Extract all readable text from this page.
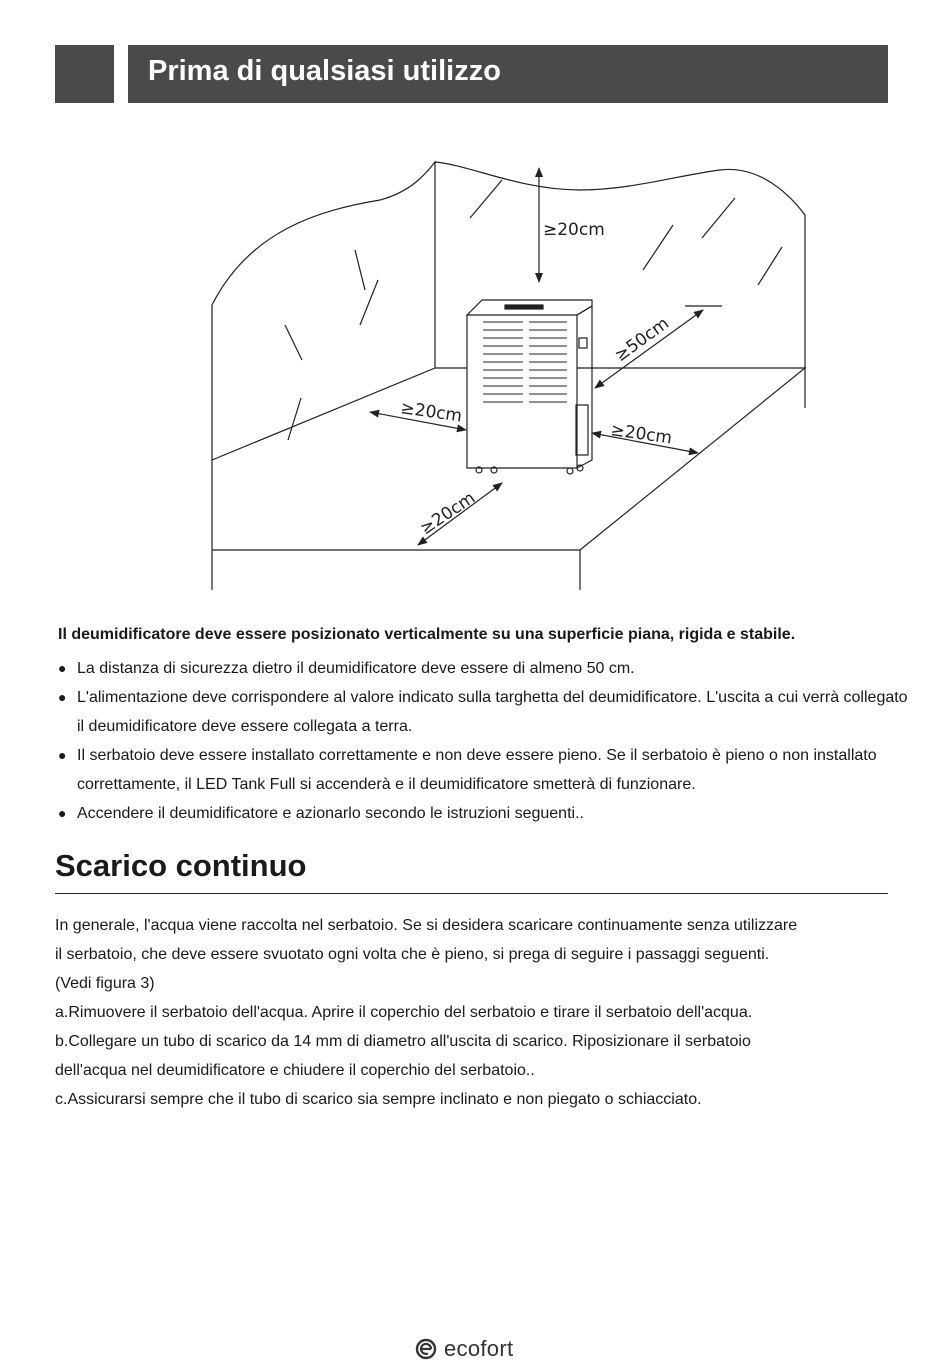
Prima di qualsiasi utilizzo
≥20cm
≥50cm
≥20cm
≥20cm
≥20cm
Il deumidificatore deve essere posizionato verticalmente su una superficie piana, rigida e stabile.
● La distanza di sicurezza dietro il deumidificatore deve essere di almeno 50 cm.
● L'alimentazione deve corrispondere al valore indicato sulla targhetta del deumidificatore. L'uscita a cui verrà collegato il deumidificatore deve essere collegata a terra.
● Il serbatoio deve essere installato correttamente e non deve essere pieno. Se il serbatoio è pieno o non installato correttamente, il LED Tank Full si accenderà e il deumidificatore smetterà di funzionare.
● Accendere il deumidificatore e azionarlo secondo le istruzioni seguenti..
Scarico continuo

In generale, l'acqua viene raccolta nel serbatoio. Se si desidera scaricare continuamente senza utilizzare

il serbatoio, che deve essere svuotato ogni volta che è pieno, si prega di seguire i passaggi seguenti.

(Vedi figura 3)

a.Rimuovere il serbatoio dell'acqua. Aprire il coperchio del serbatoio e tirare il serbatoio dell'acqua.

b.Collegare un tubo di scarico da 14 mm di diametro all'uscita di scarico. Riposizionare il serbatoio

dell'acqua nel deumidificatore e chiudere il coperchio del serbatoio..

c.Assicurarsi sempre che il tubo di scarico sia sempre inclinato e non piegato o schiacciato.

ecofort
